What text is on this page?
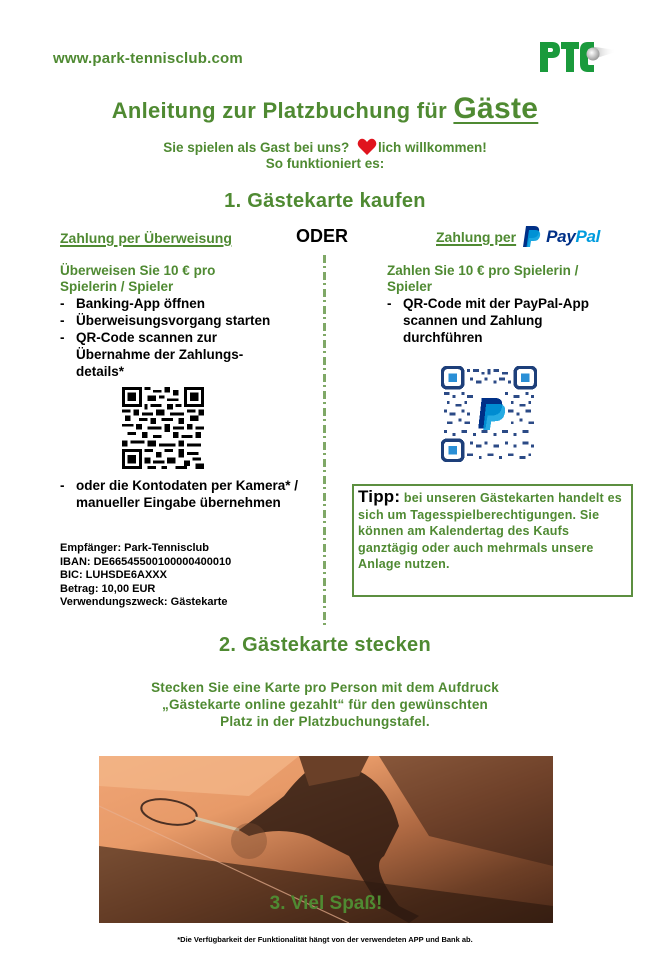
www.park-tennisclub.com
Anleitung zur Platzbuchung für Gäste
Sie spielen als Gast bei uns? lich willkommen!
So funktioniert es:
1. Gästekarte kaufen
Zahlung per Überweisung	ODER	Zahlung per PayPal
Überweisen Sie 10 € pro Spielerin / Spieler
- Banking-App öffnen
- Überweisungsvorgang starten
- QR-Code scannen zur Übernahme der Zahlungs-details*
- oder die Kontodaten per Kamera* / manueller Eingabe übernehmen
Empfänger: Park-Tennisclub
IBAN: DE66545500100000400010
BIC: LUHSDE6AXXX
Betrag: 10,00 EUR
Verwendungszweck: Gästekarte
Zahlen Sie 10 € pro Spielerin / Spieler
- QR-Code mit der PayPal-App scannen und Zahlung durchführen
Tipp: bei unseren Gästekarten handelt es sich um Tagesspielberechtigungen. Sie können am Kalendertag des Kaufs ganztägig oder auch mehrmals unsere Anlage nutzen.
2. Gästekarte stecken
Stecken Sie eine Karte pro Person mit dem Aufdruck „Gästekarte online gezahlt“ für den gewünschten Platz in der Platzbuchungstafel.
3. Viel Spaß!
*Die Verfügbarkeit der Funktionalität hängt von der verwendeten APP und Bank ab.
